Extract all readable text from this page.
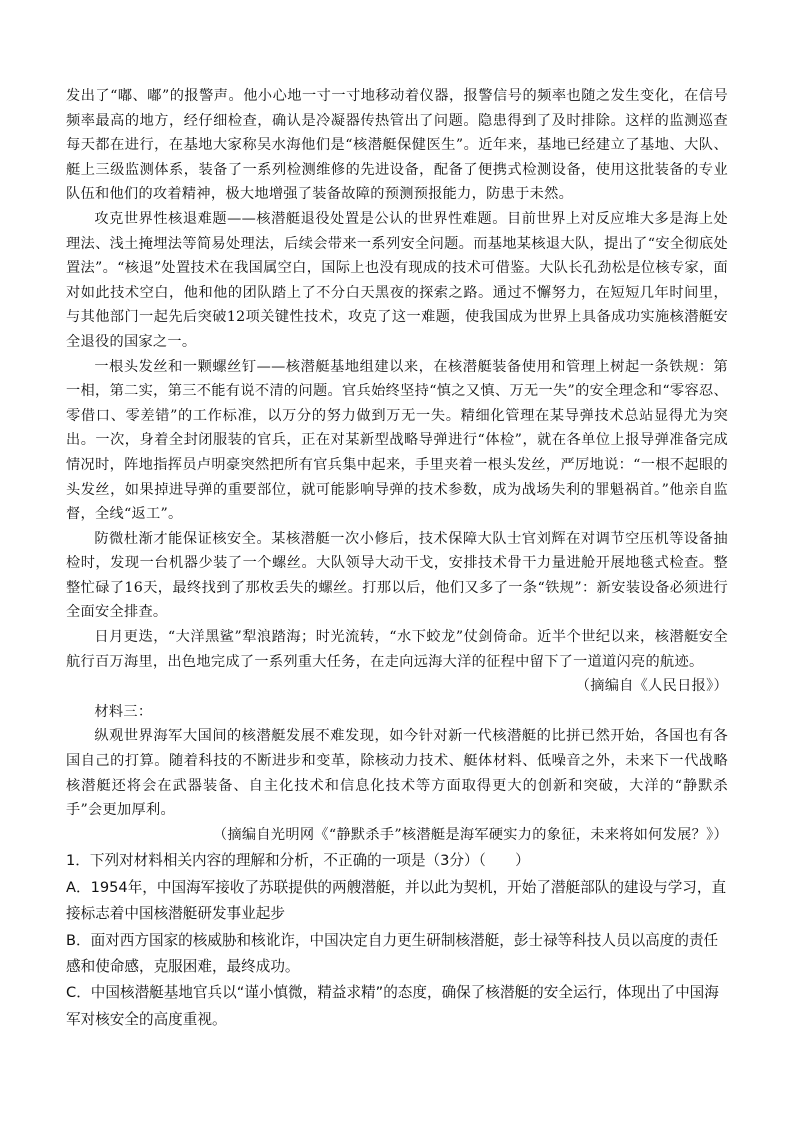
发出了“嘟、嘟”的报警声。他小心地一寸一寸地移动着仪器，报警信号的频率也随之发生变化，在信号频率最高的地方，经仔细检查，确认是冷凝器传热管出了问题。隐患得到了及时排除。这样的监测巡查每天都在进行，在基地大家称吴水海他们是“核潜艇保健医生”。近年来，基地已经建立了基地、大队、艇上三级监测体系，装备了一系列检测维修的先进设备，配备了便携式检测设备，使用这批装备的专业队伍和他们的攻着精神，极大地增强了装备故障的预测预报能力，防患于未然。

攻克世界性核退难题——核潜艇退役处置是公认的世界性难题。目前世界上对反应堆大多是海上处理法、浅土掩埋法等简易处理法，后续会带来一系列安全问题。而基地某核退大队，提出了“安全彻底处置法”。“核退”处置技术在我国属空白，国际上也没有现成的技术可借鉴。大队长孔劲松是位核专家，面对如此技术空白，他和他的团队踏上了不分白天黑夜的探索之路。通过不懈努力，在短短几年时间里，与其他部门一起先后突破12项关键性技术，攻克了这一难题，使我国成为世界上具备成功实施核潜艇安全退役的国家之一。

一根头发丝和一颗螺丝钉——核潜艇基地组建以来，在核潜艇装备使用和管理上树起一条铁规：第一相，第二实，第三不能有说不清的问题。官兵始终坚持“慎之又慎、万无一失”的安全理念和“零容忍、零借口、零差错”的工作标准，以万分的努力做到万无一失。精细化管理在某导弹技术总站显得尤为突出。一次，身着全封闭服装的官兵，正在对某新型战略导弹进行“体检”，就在各单位上报导弹准备完成情况时，阵地指挥员卢明豪突然把所有官兵集中起来，手里夹着一根头发丝，严厉地说：“一根不起眼的头发丝，如果掉进导弹的重要部位，就可能影响导弹的技术参数，成为战场失利的罪魁祸首。”他亲自监督，全线“返工”。

防微杜渐才能保证核安全。某核潜艇一次小修后，技术保障大队士官刘辉在对调节空压机等设备抽检时，发现一台机器少装了一个螺丝。大队领导大动干戈，安排技术骨干力量进舱开展地毯式检查。整整忙碌了16天，最终找到了那枚丢失的螺丝。打那以后，他们又多了一条“铁规”：新安装设备必须进行全面安全排查。

日月更迭，“大洋黑鲨”犁浪踏海；时光流转，“水下蛟龙”仗剑倚命。近半个世纪以来，核潜艇安全航行百万海里，出色地完成了一系列重大任务，在走向远海大洋的征程中留下了一道道闪亮的航迹。

（摘编自《人民日报》）

材料三：

纵观世界海军大国间的核潜艇发展不难发现，如今针对新一代核潜艇的比拼已然开始，各国也有各国自己的打算。随着科技的不断进步和变革，除核动力技术、艇体材料、低噪音之外，未来下一代战略核潜艇还将会在武器装备、自主化技术和信息化技术等方面取得更大的创新和突破，大洋的“静默杀手”会更加厚利。

（摘编自光明网《“静默杀手”核潜艇是海军硬实力的象征，未来将如何发展？》）

1．下列对材料相关内容的理解和分析，不正确的一项是（3分）（　　）

A．1954年，中国海军接收了苏联提供的两艘潜艇，并以此为契机，开始了潜艇部队的建设与学习，直接标志着中国核潜艇研发事业起步

B．面对西方国家的核威胁和核讹诈，中国决定自力更生研制核潜艇，彭士禄等科技人员以高度的责任感和使命感，克服困难，最终成功。

C．中国核潜艇基地官兵以“谨小慎微，精益求精”的态度，确保了核潜艇的安全运行，体现出了中国海军对核安全的高度重视。
